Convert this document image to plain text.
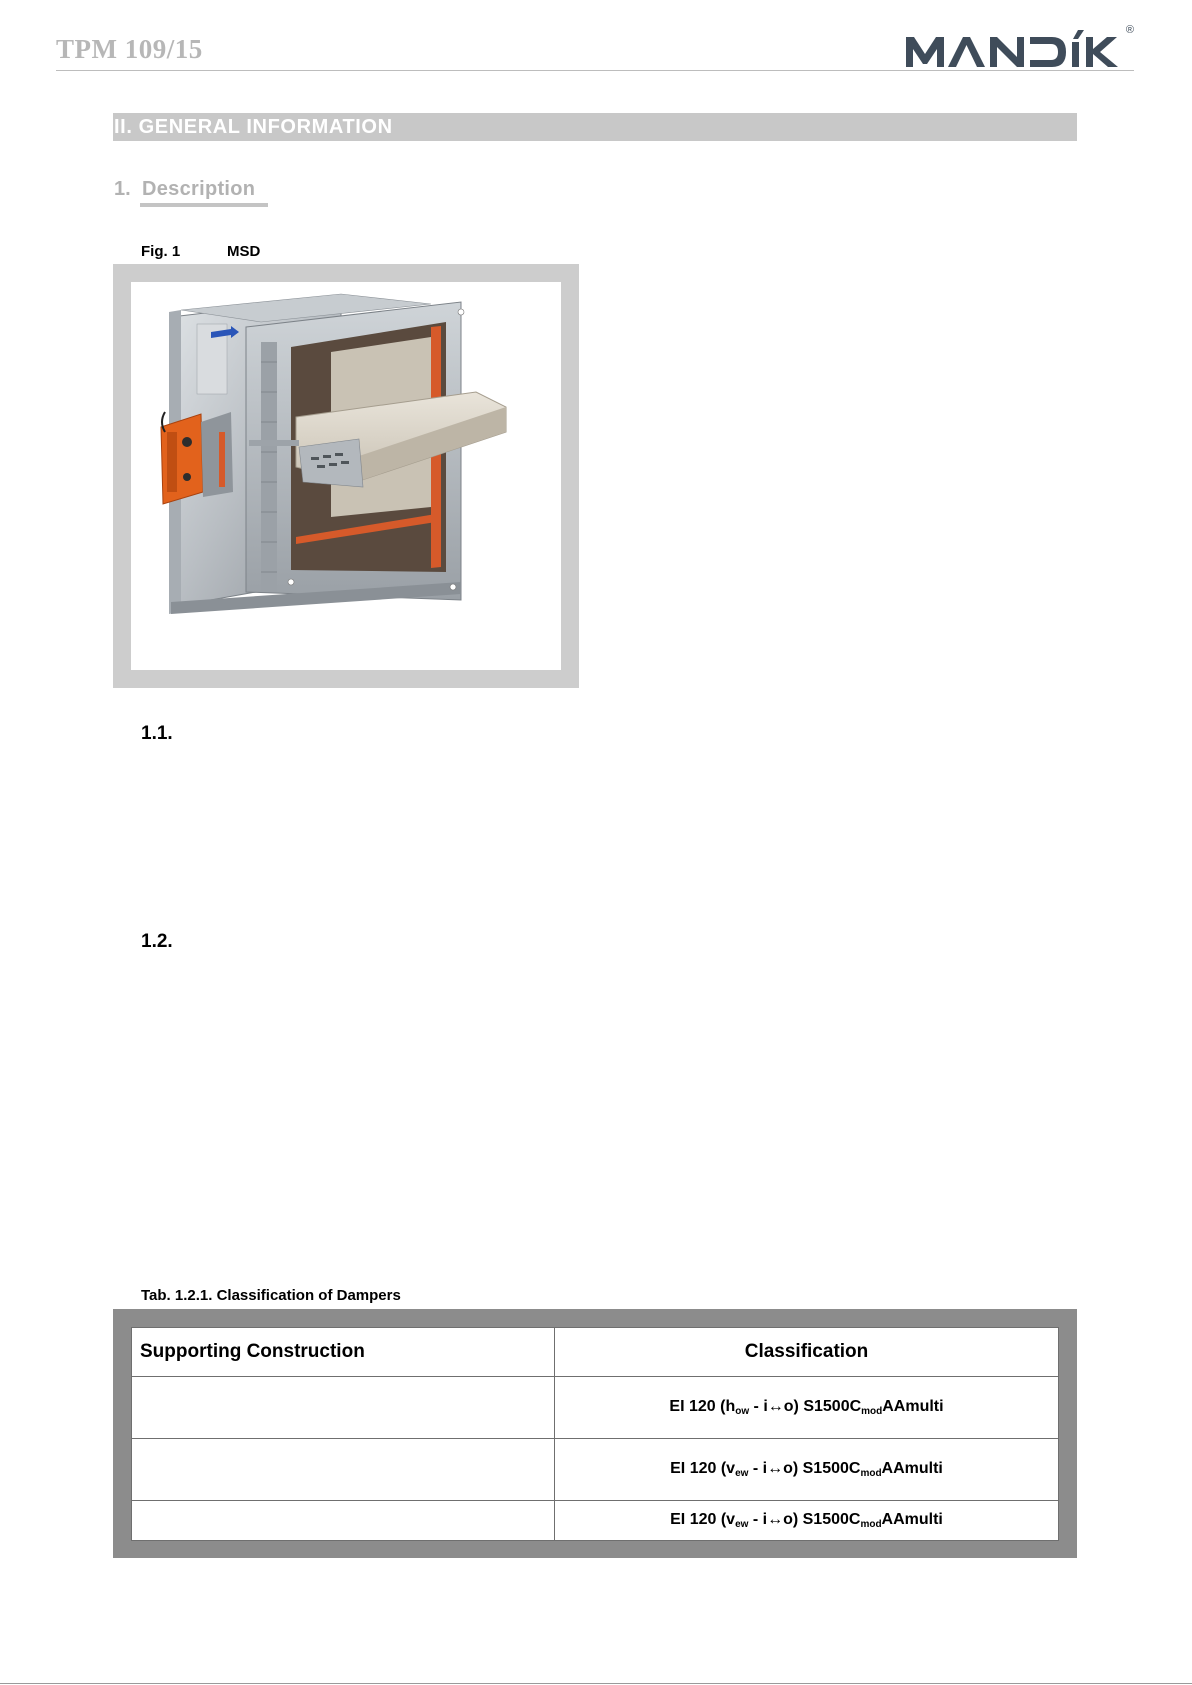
TPM 109/15
®
II. GENERAL INFORMATION
1. Description
Fig. 1	MSD
1.1.
1.2.
Tab. 1.2.1. Classification of Dampers
Supporting Construction	Classification
	EI 120 ($h_{ow}$ - i↔o) $S1500C_{mod}AAmulti$
	EI 120 ($v_{ew}$ - i↔o) $S1500C_{mod}AAmulti$
	EI 120 ($v_{ew}$ - i↔o) $S1500C_{mod}AAmulti$
